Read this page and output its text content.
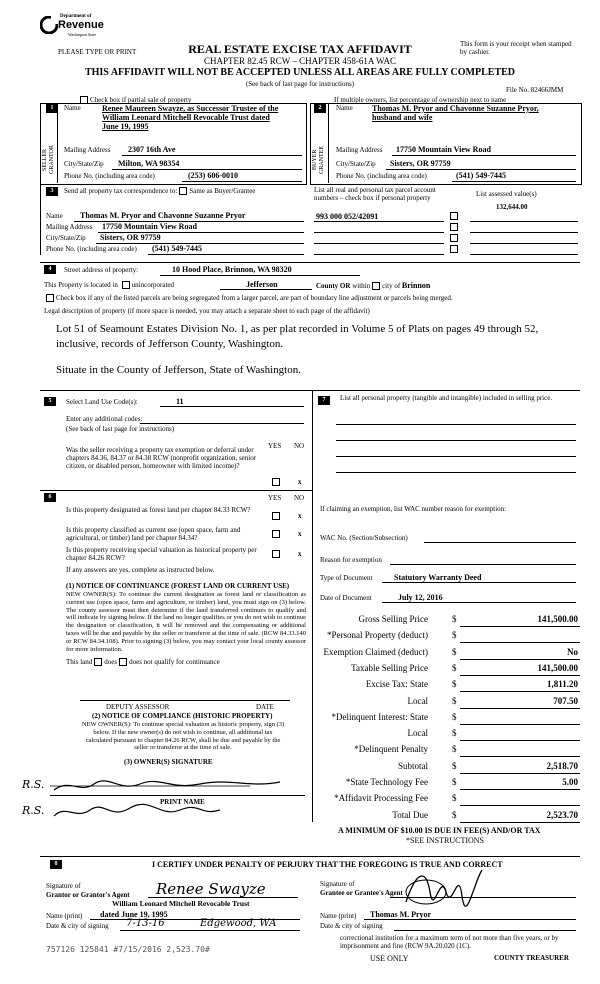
Department of
Revenue
Washington State
PLEASE TYPE OR PRINT	REAL ESTATE EXCISE TAX AFFIDAVIT
CHAPTER 82.45 RCW – CHAPTER 458-61A WAC
THIS AFFIDAVIT WILL NOT BE ACCEPTED UNLESS ALL AREAS ARE FULLY COMPLETED
(See back of last page for instructions)
This form is your receipt when stamped by cashier.
File No. 82466JMM
Check box if partial sale of property	If multiple owners, list percentage of ownership next to name
1
SELLER GRANTOR
Name	Renee Maureen Swayze, as Successor Trustee of the
William Leonard Mitchell Revocable Trust dated
June 19, 1995
Mailing Address 2307 16th Ave
City/State/Zip Milton, WA 98354
Phone No. (including area code)	(253) 606-0010
2
BUYER GRANTEE
Name Thomas M. Pryor and Chavonne Suzanne Pryor,
husband and wife
Mailing Address 17750 Mountain View Road
City/State/Zip Sisters, OR 97759
Phone No. (including area code)	(541) 549-7445
3	Send all property tax correspondence to: Same as Buyer/Grantee
Name Thomas M. Pryor and Chavonne Suzanne Pryor
Mailing Address 17750 Mountain View Road
City/State/Zip Sisters, OR 97759
Phone No. (including area code) (541) 549-7445
List all real and personal tax parcel account numbers – check box if personal property	List assessed value(s)
132,644.00
993 000 052/42091
4	Street address of property:	10 Hood Place, Brinnon, WA 98320
This Property is located in unincorporated	Jefferson	County OR within city of Brinnon
Check box if any of the listed parcels are being segregated from a larger parcel, are part of boundary line adjustment or parcels being merged.
Legal description of property (if more space is needed, you may attach a separate sheet to each page of the affidavit)
Lot 51 of Seamount Estates Division No. 1, as per plat recorded in Volume 5 of Plats on pages 49 through 52, inclusive, records of Jefferson County, Washington.
Situate in the County of Jefferson, State of Washington.
5	Select Land Use Code(s):	11
Enter any additional codes:
(See back of last page for instructions)
YES NO
Was the seller receiving a property tax exemption or deferral under chapters 84.36, 84.37 or 84.38 RCW (nonprofit organization, senior citizen, or disabled person, homeowner with limited income)?
x
7	List all personal property (tangible and intangible) included in selling price.
6	YES NO
Is this property designated as forest land per chapter 84.33 RCW?
x
Is this property classified as current use (open space, farm and agricultural, or timber) land per chapter 84.34?	x
Is this property receiving special valuation as historical property per chapter 84.26 RCW?	x
If any answers are yes, complete as instructed below.
(1) NOTICE OF CONTINUANCE (FOREST LAND OR CURRENT USE)
NEW OWNER(S): To continue the current designation as forest land or classification as current use (open space, farm and agriculture, or timber) land, you must sign on (3) below. The county assessor must then determine if the land transferred continues to qualify and will indicate by signing below. If the land no longer qualifies or you do not wish to continue the designation or classification, it will be removed and the compensating or additional taxes will be due and payable by the seller or transferor at the time of sale. (RCW 84.33.140 or RCW 84.34.108). Prior to signing (3) below, you may contact your local county assessor for more information.
This land does does not qualify for continuance
DEPUTY ASSESSOR	DATE
(2) NOTICE OF COMPLIANCE (HISTORIC PROPERTY)
NEW OWNER(S): To continue special valuation as historic property, sign (3) below. If the new owner(s) do not wish to continue, all additional tax calculated pursuant to chapter 84.26 RCW, shall be due and payable by the seller or transferor at the time of sale.
(3) OWNER(S) SIGNATURE
R.S.
PRINT NAME
R.S.
If claiming an exemption, list WAC number reason for exemption:
WAC No. (Section/Subsection)
Reason for exemption
Type of Document	Statutory Warranty Deed
Date of Document	July 12, 2016
Gross Selling Price	$	141,500.00
*Personal Property (deduct)	$
Exemption Claimed (deduct)	$	No
Taxable Selling Price	$	141,500.00
Excise Tax: State	$	1,811.20
Local	$	707.50
*Delinquent Interest: State	$
Local	$
*Delinquent Penalty	$
Subtotal	$	2,518.70
*State Technology Fee	$	5.00
*Affidavit Processing Fee	$
Total Due	$	2,523.70
A MINIMUM OF $10.00 IS DUE IN FEE(S) AND/OR TAX
*SEE INSTRUCTIONS
8	I CERTIFY UNDER PENALTY OF PERJURY THAT THE FOREGOING IS TRUE AND CORRECT
Signature of
Grantor or Grantor's Agent Renee Swayze
William Leonard Mitchell Revocable Trust
Name (print) dated June 19, 1995
Date & city of signing 7-13-16	Edgewood, WA
Signature of
Grantee or Grantee's Agent
Name (print) Thomas M. Pryor
Date & city of signing
correctional institution for a maximum term of not more than five years, or by imprisonment and fine (RCW 9A.20.020 (1C).
757126 125841 #7/15/2016 2,523.70#
USE ONLY	COUNTY TREASURER
